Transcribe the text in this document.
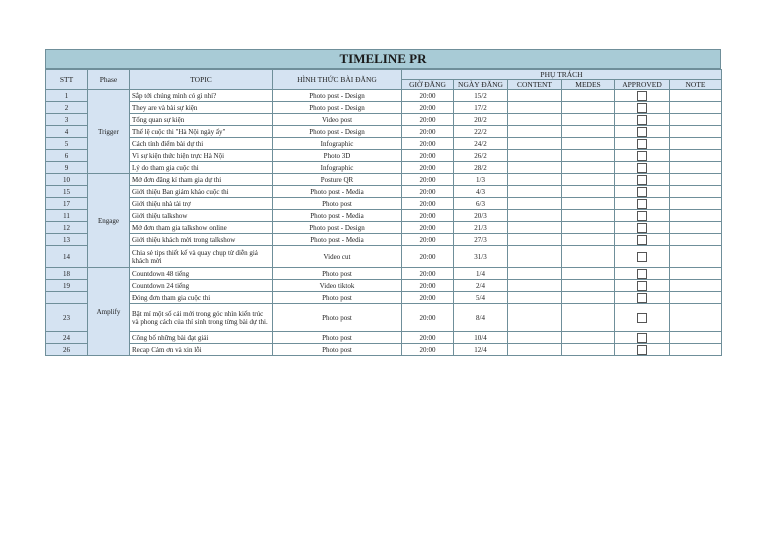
TIMELINE PR
STT	Phase	TOPIC	HÌNH THỨC BÀI ĐĂNG	PHỤ TRÁCH					
				GIỜ ĐĂNG	NGÀY ĐĂNG	CONTENT	MEDES	APPROVED	NOTE
1	Trigger	Sắp tới chúng mình có gì nhỉ?	Photo post - Design	20:00	15/2				
2		They are và bài sự kiện	Photo post - Design	20:00	17/2				
3		Tổng quan sự kiện	Video post	20:00	20/2				
4		Thể lệ cuộc thi "Hà Nội ngày ấy"	Photo post - Design	20:00	22/2				
5		Cách tính điểm bài dự thi	Infographic	20:00	24/2				
6		Vì sự kiện thức hiện trực Hà Nội	Photo 3D	20:00	26/2				
9		Lý do tham gia cuộc thi	Infographic	20:00	28/2				
10	Engage	Mở đơn đăng kí tham gia dự thi	Posture QR	20:00	1/3				
15		Giới thiệu Ban giám khảo cuộc thi	Photo post - Media	20:00	4/3				
17		Giới thiệu nhà tài trợ	Photo post	20:00	6/3				
11		Giới thiệu talkshow	Photo post - Media	20:00	20/3				
12		Mở đơn tham gia talkshow online	Photo post - Design	20:00	21/3				
13		Giới thiệu khách mời trong talkshow	Photo post - Media	20:00	27/3				
14		Chia sẻ tips thiết kế và quay chụp từ diễn giả khách mời	Video cut	20:00	31/3				
18	Amplify	Countdown 48 tiếng	Photo post	20:00	1/4				
19		Countdown 24 tiếng	Video tiktok	20:00	2/4				
		Đóng đơn tham gia cuộc thi	Photo post	20:00	5/4				
23		Bật mí một số cái mới trong góc nhìn kiến trúc và phong cách của thí sinh trong từng bài dự thi.	Photo post	20:00	8/4				
24		Công bố những bài đạt giải	Photo post	20:00	10/4				
26		Recap Cảm ơn và xin lỗi	Photo post	20:00	12/4				
